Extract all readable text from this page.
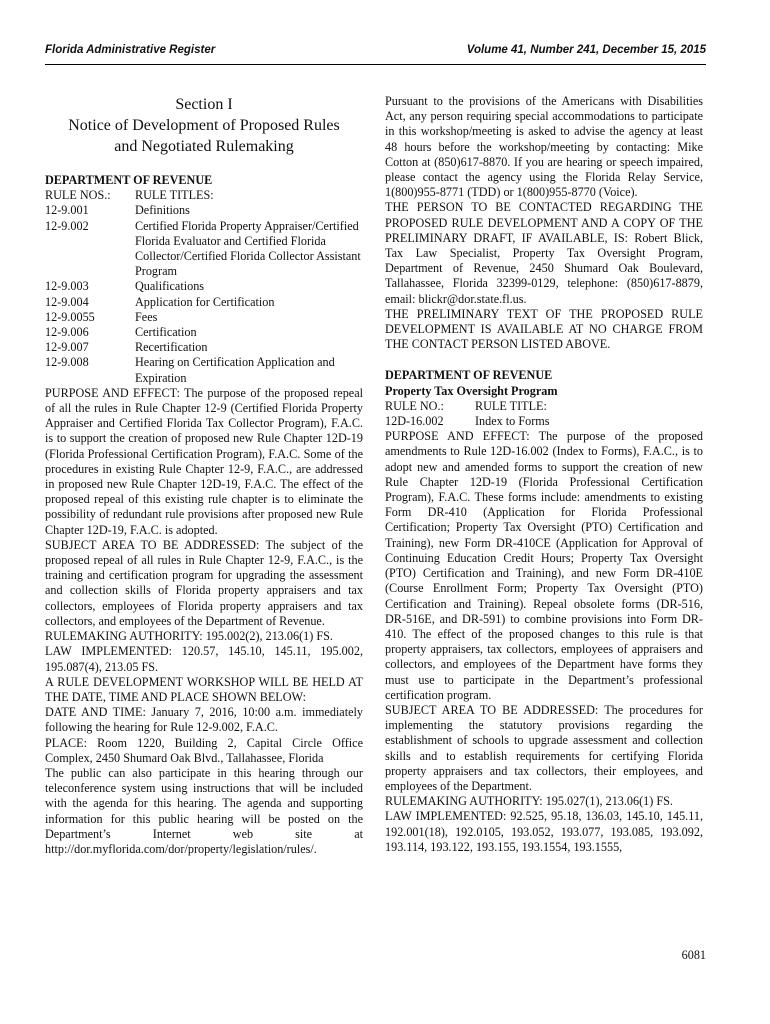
Florida Administrative Register	Volume 41, Number 241, December 15, 2015
Section I
Notice of Development of Proposed Rules
and Negotiated Rulemaking

DEPARTMENT OF REVENUE

RULE NOS.:	RULE TITLES:
12-9.001	Definitions
12-9.002	Certified Florida Property Appraiser/Certified Florida Evaluator and Certified Florida Collector/Certified Florida Collector Assistant Program
12-9.003	Qualifications
12-9.004	Application for Certification
12-9.0055	Fees
12-9.006	Certification
12-9.007	Recertification
12-9.008	Hearing on Certification Application and Expiration

PURPOSE AND EFFECT: The purpose of the proposed repeal of all the rules in Rule Chapter 12-9 (Certified Florida Property Appraiser and Certified Florida Tax Collector Program), F.A.C. is to support the creation of proposed new Rule Chapter 12D-19 (Florida Professional Certification Program), F.A.C. Some of the procedures in existing Rule Chapter 12-9, F.A.C., are addressed in proposed new Rule Chapter 12D-19, F.A.C. The effect of the proposed repeal of this existing rule chapter is to eliminate the possibility of redundant rule provisions after proposed new Rule Chapter 12D-19, F.A.C. is adopted.

SUBJECT AREA TO BE ADDRESSED: The subject of the proposed repeal of all rules in Rule Chapter 12-9, F.A.C., is the training and certification program for upgrading the assessment and collection skills of Florida property appraisers and tax collectors, employees of Florida property appraisers and tax collectors, and employees of the Department of Revenue.

RULEMAKING AUTHORITY: 195.002(2), 213.06(1) FS.

LAW IMPLEMENTED: 120.57, 145.10, 145.11, 195.002, 195.087(4), 213.05 FS.

A RULE DEVELOPMENT WORKSHOP WILL BE HELD AT THE DATE, TIME AND PLACE SHOWN BELOW:

DATE AND TIME: January 7, 2016, 10:00 a.m. immediately following the hearing for Rule 12-9.002, F.A.C.

PLACE: Room 1220, Building 2, Capital Circle Office Complex, 2450 Shumard Oak Blvd., Tallahassee, Florida

The public can also participate in this hearing through our teleconference system using instructions that will be included with the agenda for this hearing. The agenda and supporting information for this public hearing will be posted on the Department’s Internet web site at http://dor.myflorida.com/dor/property/legislation/rules/.

Pursuant to the provisions of the Americans with Disabilities Act, any person requiring special accommodations to participate in this workshop/meeting is asked to advise the agency at least 48 hours before the workshop/meeting by contacting: Mike Cotton at (850)617-8870. If you are hearing or speech impaired, please contact the agency using the Florida Relay Service, 1(800)955-8771 (TDD) or 1(800)955-8770 (Voice).

THE PERSON TO BE CONTACTED REGARDING THE PROPOSED RULE DEVELOPMENT AND A COPY OF THE PRELIMINARY DRAFT, IF AVAILABLE, IS: Robert Blick, Tax Law Specialist, Property Tax Oversight Program, Department of Revenue, 2450 Shumard Oak Boulevard, Tallahassee, Florida 32399-0129, telephone: (850)617-8879, email: blickr@dor.state.fl.us.

THE PRELIMINARY TEXT OF THE PROPOSED RULE DEVELOPMENT IS AVAILABLE AT NO CHARGE FROM THE CONTACT PERSON LISTED ABOVE.

DEPARTMENT OF REVENUE

Property Tax Oversight Program

RULE NO.:	RULE TITLE:
12D-16.002	Index to Forms

PURPOSE AND EFFECT: The purpose of the proposed amendments to Rule 12D-16.002 (Index to Forms), F.A.C., is to adopt new and amended forms to support the creation of new Rule Chapter 12D-19 (Florida Professional Certification Program), F.A.C. These forms include: amendments to existing Form DR-410 (Application for Florida Professional Certification; Property Tax Oversight (PTO) Certification and Training), new Form DR-410CE (Application for Approval of Continuing Education Credit Hours; Property Tax Oversight (PTO) Certification and Training), and new Form DR-410E (Course Enrollment Form; Property Tax Oversight (PTO) Certification and Training). Repeal obsolete forms (DR-516, DR-516E, and DR-591) to combine provisions into Form DR-410. The effect of the proposed changes to this rule is that property appraisers, tax collectors, employees of appraisers and collectors, and employees of the Department have forms they must use to participate in the Department’s professional certification program.

SUBJECT AREA TO BE ADDRESSED: The procedures for implementing the statutory provisions regarding the establishment of schools to upgrade assessment and collection skills and to establish requirements for certifying Florida property appraisers and tax collectors, their employees, and employees of the Department.

RULEMAKING AUTHORITY: 195.027(1), 213.06(1) FS.

LAW IMPLEMENTED: 92.525, 95.18, 136.03, 145.10, 145.11, 192.001(18), 192.0105, 193.052, 193.077, 193.085, 193.092, 193.114, 193.122, 193.155, 193.1554, 193.1555,

6081
